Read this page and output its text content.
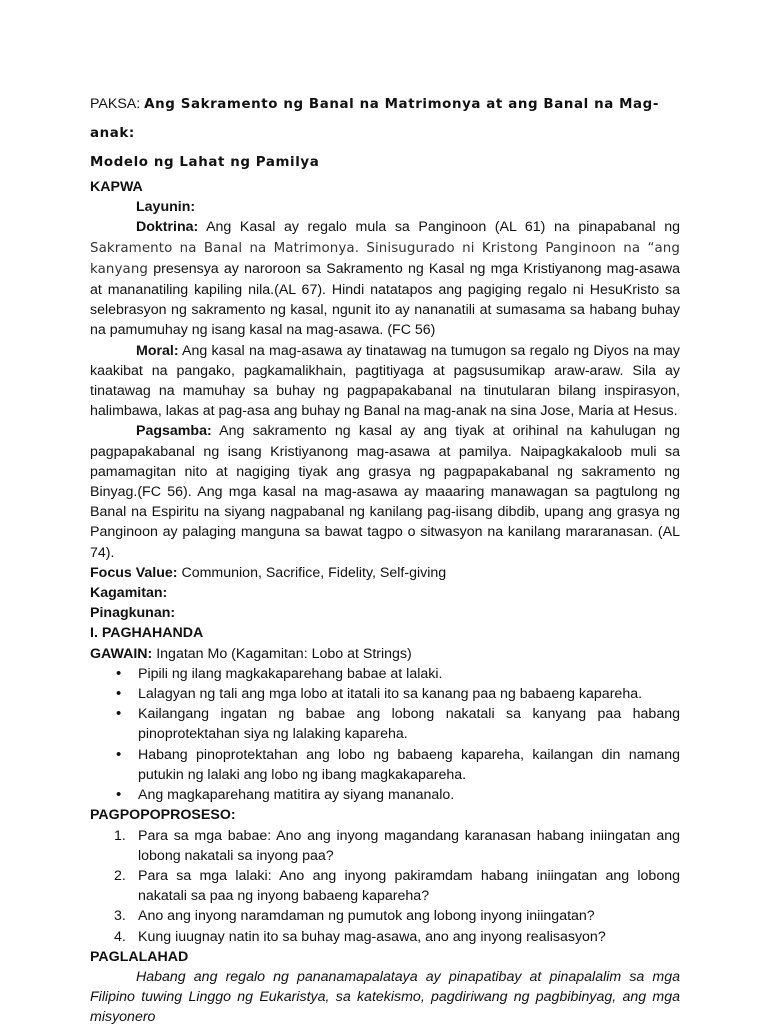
PAKSA: Ang Sakramento ng Banal na Matrimonya at ang Banal na Mag-anak:
Modelo ng Lahat ng Pamilya
KAPWA
Layunin:

Doktrina: Ang Kasal ay regalo mula sa Panginoon (AL 61) na pinapabanal ng Sakramento na Banal na Matrimonya. Sinisugurado ni Kristong Panginoon na “ang kanyang presensya ay naroroon sa Sakramento ng Kasal ng mga Kristiyanong mag-asawa at mananatiling kapiling nila.(AL 67). Hindi natatapos ang pagiging regalo ni HesuKristo sa selebrasyon ng sakramento ng kasal, ngunit ito ay nananatili at sumasama sa habang buhay na pamumuhay ng isang kasal na mag-asawa. (FC 56)

Moral: Ang kasal na mag-asawa ay tinatawag na tumugon sa regalo ng Diyos na may kaakibat na pangako, pagkamalikhain, pagtitiyaga at pagsusumikap araw-araw. Sila ay tinatawag na mamuhay sa buhay ng pagpapakabanal na tinutularan bilang inspirasyon, halimbawa, lakas at pag-asa ang buhay ng Banal na mag-anak na sina Jose, Maria at Hesus.

Pagsamba: Ang sakramento ng kasal ay ang tiyak at orihinal na kahulugan ng pagpapakabanal ng isang Kristiyanong mag-asawa at pamilya. Naipagkakaloob muli sa pamamagitan nito at nagiging tiyak ang grasya ng pagpapakabanal ng sakramento ng Binyag.(FC 56). Ang mga kasal na mag-asawa ay maaaring manawagan sa pagtulong ng Banal na Espiritu na siyang nagpabanal ng kanilang pag-iisang dibdib, upang ang grasya ng Panginoon ay palaging manguna sa bawat tagpo o sitwasyon na kanilang mararanasan. (AL 74).

Focus Value: Communion, Sacrifice, Fidelity, Self-giving
Kagamitan:
Pinagkunan:
I. PAGHAHANDA
GAWAIN: Ingatan Mo (Kagamitan: Lobo at Strings)
• Pipili ng ilang magkakaparehang babae at lalaki.
• Lalagyan ng tali ang mga lobo at itatali ito sa kanang paa ng babaeng kapareha.
• Kailangang ingatan ng babae ang lobong nakatali sa kanyang paa habang pinoprotektahan siya ng lalaking kapareha.
• Habang pinoprotektahan ang lobo ng babaeng kapareha, kailangan din namang putukin ng lalaki ang lobo ng ibang magkakapareha.
• Ang magkaparehang matitira ay siyang mananalo.
PAGPOPOPROSESO:
1. Para sa mga babae: Ano ang inyong magandang karanasan habang iniingatan ang lobong nakatali sa inyong paa?
2. Para sa mga lalaki: Ano ang inyong pakiramdam habang iniingatan ang lobong nakatali sa paa ng inyong babaeng kapareha?
3. Ano ang inyong naramdaman ng pumutok ang lobong inyong iniingatan?
4. Kung iuugnay natin ito sa buhay mag-asawa, ano ang inyong realisasyon?
PAGLALAHAD

Habang ang regalo ng pananamapalataya ay pinapatibay at pinapalalim sa mga Filipino tuwing Linggo ng Eukaristya, sa katekismo, pagdiriwang ng pagbibinyag, ang mga misyonero
